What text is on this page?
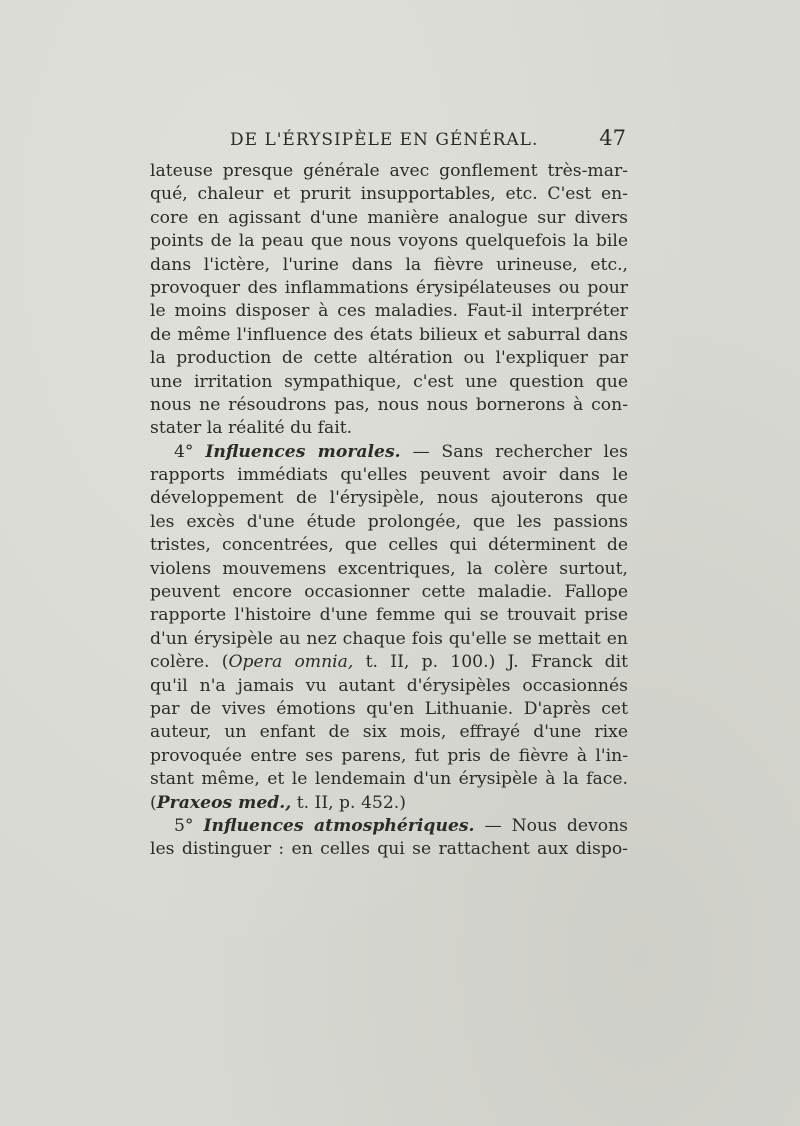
DE L'ÉRYSIPÈLE EN GÉNÉRAL.	47
lateuse presque générale avec gonflement très-mar-
qué, chaleur et prurit insupportables, etc. C'est en-
core en agissant d'une manière analogue sur divers
points de la peau que nous voyons quelquefois la bile
dans l'ictère, l'urine dans la fièvre urineuse, etc.,
provoquer des inflammations érysipélateuses ou pour
le moins disposer à ces maladies. Faut-il interpréter
de même l'influence des états bilieux et saburral dans
la production de cette altération ou l'expliquer par
une irritation sympathique, c'est une question que
nous ne résoudrons pas, nous nous bornerons à con-
stater la réalité du fait.
4° Influences morales. — Sans rechercher les
rapports immédiats qu'elles peuvent avoir dans le
développement de l'érysipèle, nous ajouterons que
les excès d'une étude prolongée, que les passions
tristes, concentrées, que celles qui déterminent de
violens mouvemens excentriques, la colère surtout,
peuvent encore occasionner cette maladie. Fallope
rapporte l'histoire d'une femme qui se trouvait prise
d'un érysipèle au nez chaque fois qu'elle se mettait en
colère. (Opera omnia, t. II, p. 100.) J. Franck dit
qu'il n'a jamais vu autant d'érysipèles occasionnés
par de vives émotions qu'en Lithuanie. D'après cet
auteur, un enfant de six mois, effrayé d'une rixe
provoquée entre ses parens, fut pris de fièvre à l'in-
stant même, et le lendemain d'un érysipèle à la face.
(Praxeos med., t. II, p. 452.)
5° Influences atmosphériques. — Nous devons
les distinguer : en celles qui se rattachent aux dispo-
